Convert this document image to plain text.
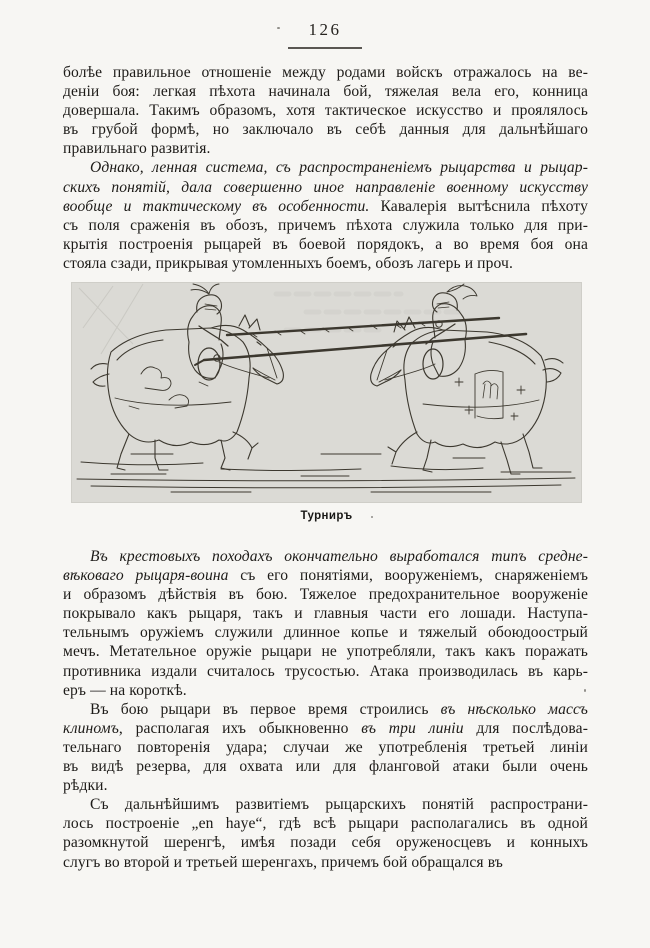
126
болѣе правильное отношеніе между родами войскъ отражалось на ве-
деніи боя: легкая пѣхота начинала бой, тяжелая вела его, конница
довершала. Такимъ образомъ, хотя тактическое искусство и проялялось
въ грубой формѣ, но заключало въ себѣ данныя для дальнѣйшаго
правильнаго развитія.
Однако, ленная система, съ распространеніемъ рыцарства и рыцар-
скихъ понятій, дала совершенно иное направленіе военному искусству
вообще и тактическому въ особенности. Кавалерія вытѣснила пѣхоту
съ поля сраженія въ обозъ, причемъ пѣхота служила только для при-
крытія построенія рыцарей въ боевой порядокъ, а во время боя она
стояла сзади, прикрывая утомленныхъ боемъ, обозъ лагерь и проч.
Турниръ
Въ крестовыхъ походахъ окончательно выработался типъ средне-
вѣковаго рыцаря-воина съ его понятіями, вооруженіемъ, снаряженіемъ
и образомъ дѣйствія въ бою. Тяжелое предохранительное вооруженіе
покрывало какъ рыцаря, такъ и главныя части его лошади. Наступа-
тельнымъ оружіемъ служили длинное копье и тяжелый обоюдоострый
мечъ. Метательное оружіе рыцари не употребляли, такъ какъ поражать
противника издали считалось трусостью. Атака производилась въ карь-
еръ — на короткѣ.
Въ бою рыцари въ первое время строились въ нѣсколько массъ
клиномъ, располагая ихъ обыкновенно въ три линіи для послѣдова-
тельнаго повторенія удара; случаи же употребленія третьей линіи
въ видѣ резерва, для охвата или для фланговой атаки были очень
рѣдки.
Съ дальнѣйшимъ развитіемъ рыцарскихъ понятій распространи-
лось построеніе „en haye“, гдѣ всѣ рыцари располагались въ одной
разомкнутой шеренгѣ, имѣя позади себя оруженосцевъ и конныхъ
слугъ во второй и третьей шеренгахъ, причемъ бой обращался въ
